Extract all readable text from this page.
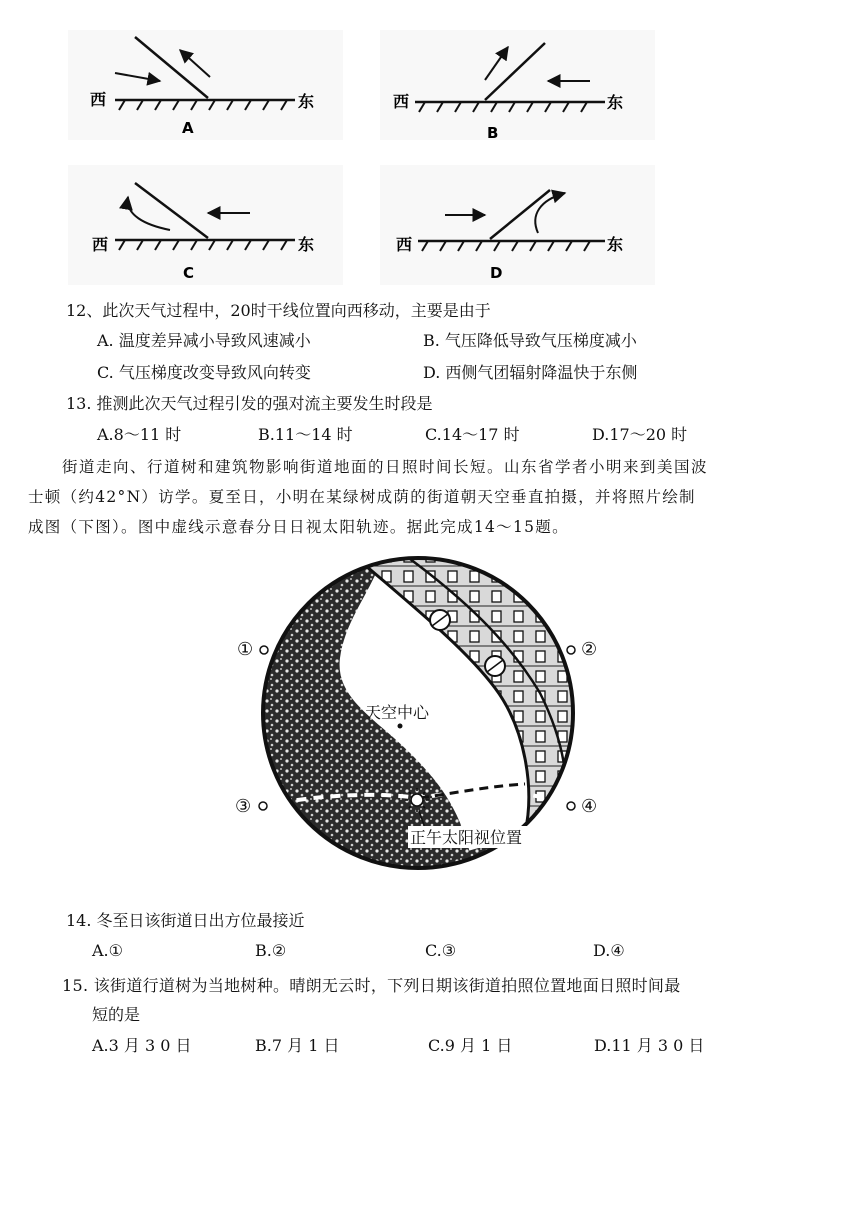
西	东
A
西	东
B
西	东
C
西	东
D
12、此次天气过程中，20时干线位置向西移动，主要是由于
A. 温度差异减小导致风速减小	B. 气压降低导致气压梯度减小
C. 气压梯度改变导致风向转变	D. 西侧气团辐射降温快于东侧
13. 推测此次天气过程引发的强对流主要发生时段是
A.8～11 时	B.11～14 时	C.14～17 时	D.17～20 时
街道走向、行道树和建筑物影响街道地面的日照时间长短。山东省学者小明来到美国波
士顿（约42°N）访学。夏至日，小明在某绿树成荫的街道朝天空垂直拍摄，并将照片绘制
成图（下图）。图中虚线示意春分日日视太阳轨迹。据此完成14～15题。
天空中心
正午太阳视位置
①	②
③	④
14. 冬至日该街道日出方位最接近
A.①	B.②	C.③	D.④
15. 该街道行道树为当地树种。晴朗无云时，下列日期该街道拍照位置地面日照时间最
短的是
A.3 月 3 0 日	B.7 月 1 日	C.9 月 1 日	D.11 月 3 0 日
